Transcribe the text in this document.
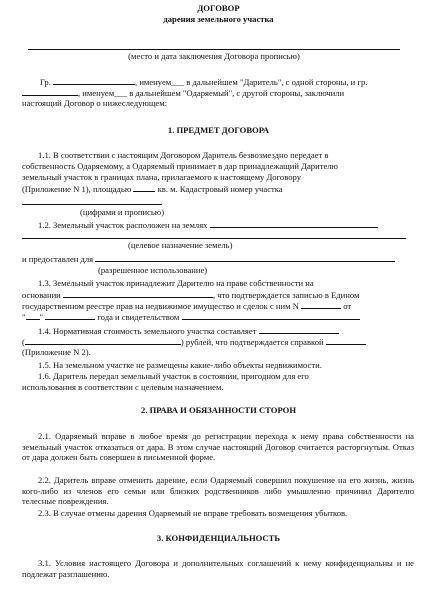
ДОГОВОР
дарения земельного участка
(место и дата заключения Договора прописью)
Гр.	, именуем___ в дальнейшем "Даритель", с одной стороны, и гр.
, именуем___ в дальнейшем "Одаряемый", с другой стороны, заключили
настоящий Договор о нижеследующем:
1. ПРЕДМЕТ ДОГОВОРА
1.1. В соответствии с настоящим Договором Даритель безвозмездно передает в
собственность Одаряемому, а Одаряемый принимает в дар принадлежащий Дарителю
земельный участок в границах плана, прилагаемого к настоящему Договору
(Приложение N 1), площадью	кв. м. Кадастровый номер участка
(цифрами и прописью)
1.2. Земельный участок расположен на землях
(целевое назначение земель)
и предоставлен для
(разрешенное использование)
1.3. Земельный участок принадлежит Дарителю на праве собственности на
основании	, что подтверждается записью в Едином
государственном реестре прав на недвижимое имущество и сделок с ним N	от
" "	года и свидетельством
1.4. Нормативная стоимость земельного участка составляет
(	) рублей, что подтверждается справкой
(Приложение N 2).
1.5. На земельном участке не размещены какие-либо объекты недвижимости.
1.6. Даритель передал земельный участок в состоянии, пригодном для его
использования в соответствии с целевым назначением.
2. ПРАВА И ОБЯЗАННОСТИ СТОРОН
2.1. Одаряемый вправе в любое время до регистрации перехода к нему права собственности на земельный участок отказаться от дара. В этом случае настоящий Договор считается расторгнутым. Отказ от дара должен быть совершен в письменной форме.
2.2. Даритель вправе отменить дарение, если Одаряемый совершил покушение на его жизнь, жизнь кого-либо из членов его семьи или близких родственников либо умышленно причинил Дарителю телесные повреждения.
2.3. В случае отмены дарения Одаряемый не вправе требовать возмещения убытков.
3. КОНФИДЕНЦИАЛЬНОСТЬ
3.1. Условия настоящего Договора и дополнительных соглашений к нему конфиденциальны и не подлежат разглашению.
